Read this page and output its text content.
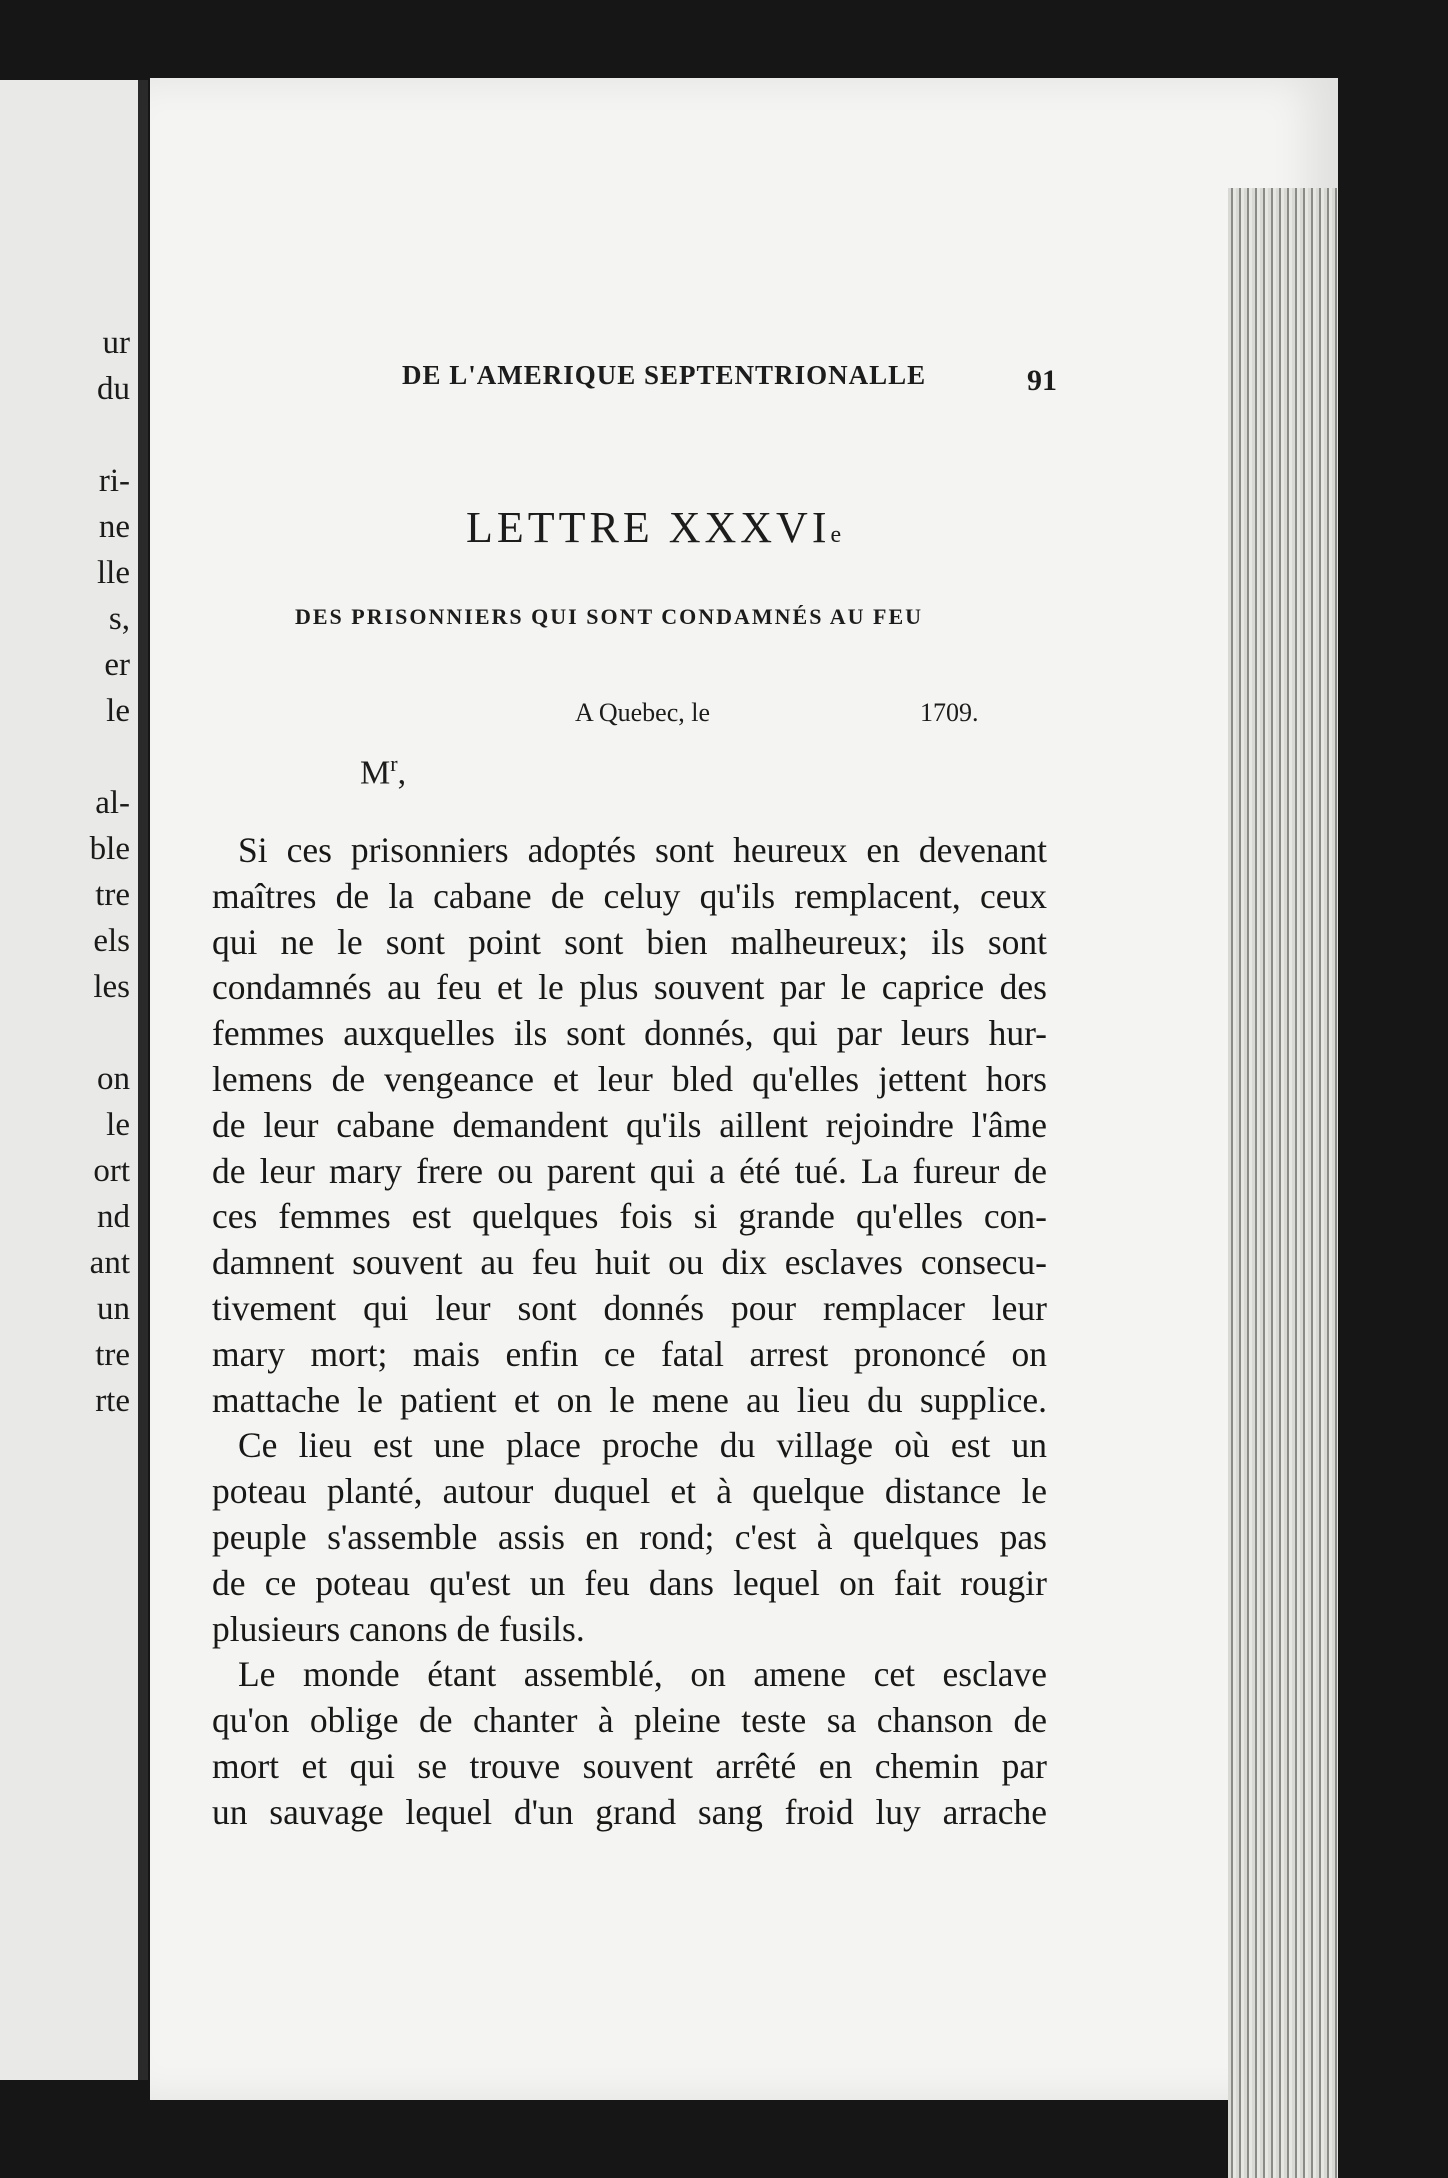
ur
du
ri-
ne
lle
s,
er
le
al-
ble
tre
els
les
on
le
ort
nd
ant
un
tre
rte
DE L'AMERIQUE SEPTENTRIONALLE	91
LETTRE XXXVIe
DES PRISONNIERS QUI SONT CONDAMNÉS AU FEU
A Quebec, le	1709.
$M^r$,
Si ces prisonniers adoptés sont heureux en devenant
maîtres de la cabane de celuy qu'ils remplacent, ceux
qui ne le sont point sont bien malheureux; ils sont
condamnés au feu et le plus souvent par le caprice des
femmes auxquelles ils sont donnés, qui par leurs hur-
lemens de vengeance et leur bled qu'elles jettent hors
de leur cabane demandent qu'ils aillent rejoindre l'âme
de leur mary frere ou parent qui a été tué. La fureur de
ces femmes est quelques fois si grande qu'elles con-
damnent souvent au feu huit ou dix esclaves consecu-
tivement qui leur sont donnés pour remplacer leur
mary mort; mais enfin ce fatal arrest prononcé on
mattache le patient et on le mene au lieu du supplice.
Ce lieu est une place proche du village où est un
poteau planté, autour duquel et à quelque distance le
peuple s'assemble assis en rond; c'est à quelques pas
de ce poteau qu'est un feu dans lequel on fait rougir
plusieurs canons de fusils.
Le monde étant assemblé, on amene cet esclave
qu'on oblige de chanter à pleine teste sa chanson de
mort et qui se trouve souvent arrêté en chemin par
un sauvage lequel d'un grand sang froid luy arrache
